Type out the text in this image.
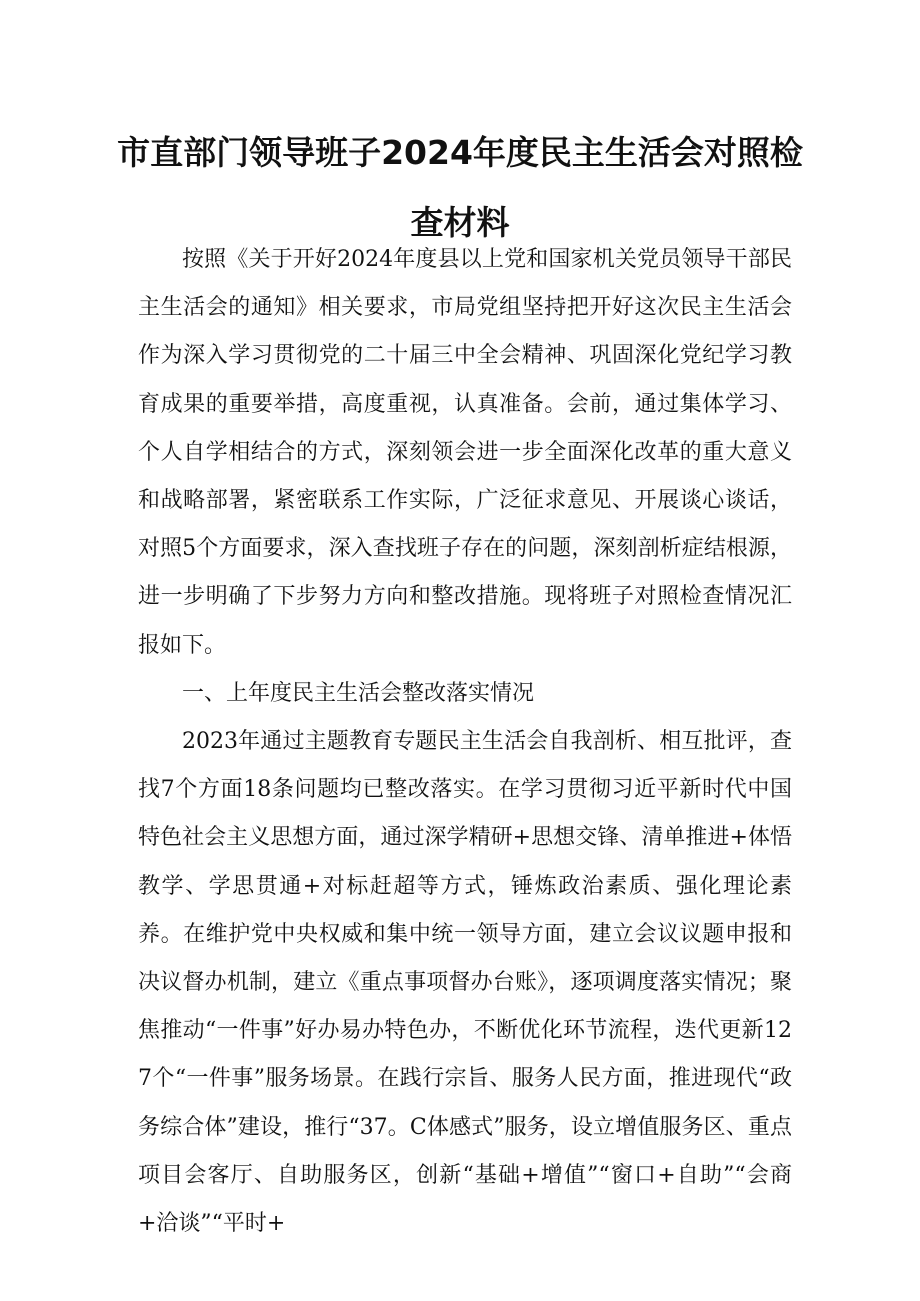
市直部门领导班子2024年度民主生活会对照检
查材料

按照《关于开好2024年度县以上党和国家机关党员领导干部民主生活会的通知》相关要求，市局党组坚持把开好这次民主生活会作为深入学习贯彻党的二十届三中全会精神、巩固深化党纪学习教育成果的重要举措，高度重视，认真准备。会前，通过集体学习、个人自学相结合的方式，深刻领会进一步全面深化改革的重大意义和战略部署，紧密联系工作实际，广泛征求意见、开展谈心谈话，对照5个方面要求，深入查找班子存在的问题，深刻剖析症结根源，进一步明确了下步努力方向和整改措施。现将班子对照检查情况汇报如下。

一、上年度民主生活会整改落实情况

2023年通过主题教育专题民主生活会自我剖析、相互批评，查找7个方面18条问题均已整改落实。在学习贯彻习近平新时代中国特色社会主义思想方面，通过深学精研+思想交锋、清单推进+体悟教学、学思贯通+对标赶超等方式，锤炼政治素质、强化理论素养。在维护党中央权威和集中统一领导方面，建立会议议题申报和决议督办机制，建立《重点事项督办台账》，逐项调度落实情况；聚焦推动“一件事”好办易办特色办，不断优化环节流程，迭代更新127个“一件事”服务场景。在践行宗旨、服务人民方面，推进现代“政务综合体”建设，推行“37。C体感式”服务，设立增值服务区、重点项目会客厅、自助服务区，创新“基础+增值”“窗口+自助”“会商+洽谈”“平时+
